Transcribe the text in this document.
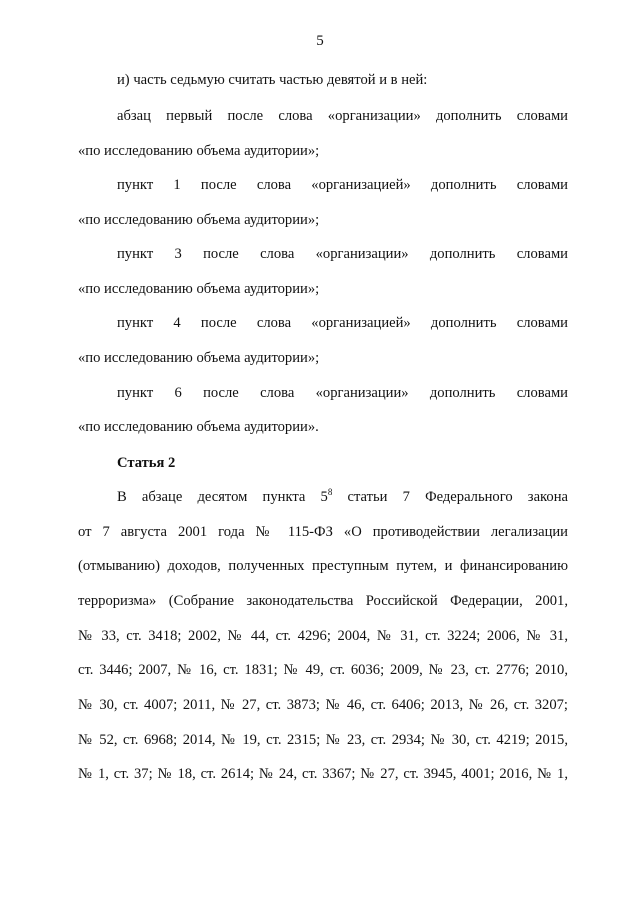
5
и) часть седьмую считать частью девятой и в ней:
абзац первый после слова «организации» дополнить словами
«по исследованию объема аудитории»;
пункт 1 после слова «организацией» дополнить словами
«по исследованию объема аудитории»;
пункт 3 после слова «организации» дополнить словами
«по исследованию объема аудитории»;
пункт 4 после слова «организацией» дополнить словами
«по исследованию объема аудитории»;
пункт 6 после слова «организации» дополнить словами
«по исследованию объема аудитории».
Статья 2
В абзаце десятом пункта $5^8$ статьи 7 Федерального закона
от 7 августа 2001 года № 115-ФЗ «О противодействии легализации
(отмыванию) доходов, полученных преступным путем, и финансированию
терроризма» (Собрание законодательства Российской Федерации, 2001,
№ 33, ст. 3418; 2002, № 44, ст. 4296; 2004, № 31, ст. 3224; 2006, № 31,
ст. 3446; 2007, № 16, ст. 1831; № 49, ст. 6036; 2009, № 23, ст. 2776; 2010,
№ 30, ст. 4007; 2011, № 27, ст. 3873; № 46, ст. 6406; 2013, № 26, ст. 3207;
№ 52, ст. 6968; 2014, № 19, ст. 2315; № 23, ст. 2934; № 30, ст. 4219; 2015,
№ 1, ст. 37; № 18, ст. 2614; № 24, ст. 3367; № 27, ст. 3945, 4001; 2016, № 1,
